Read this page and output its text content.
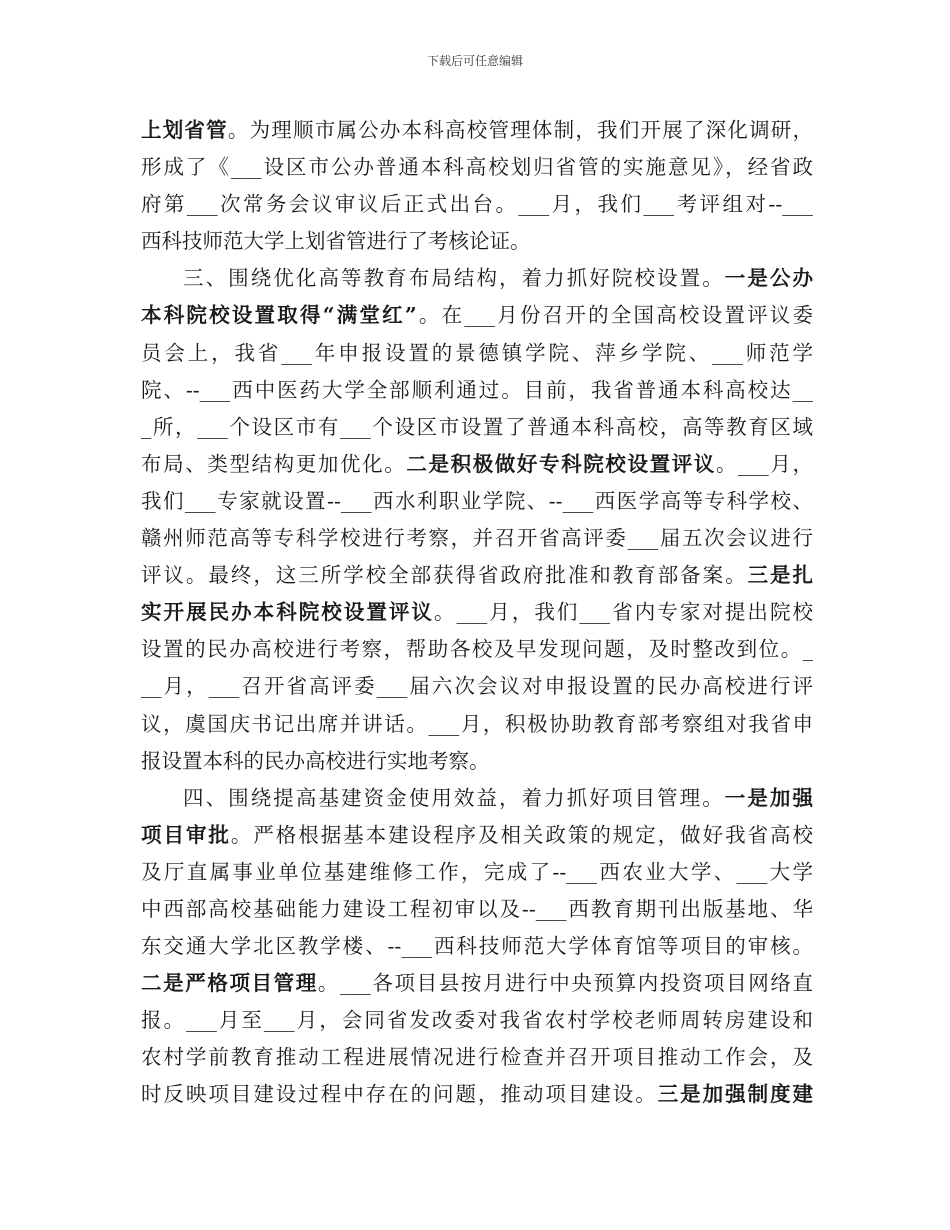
下载后可任意编辑
上划省管。为理顺市属公办本科高校管理体制，我们开展了深化调研，
形成了《___设区市公办普通本科高校划归省管的实施意见》，经省政
府第___次常务会议审议后正式出台。___月，我们___考评组对--___
西科技师范大学上划省管进行了考核论证。
三、围绕优化高等教育布局结构，着力抓好院校设置。一是公办
本科院校设置取得“满堂红”。在___月份召开的全国高校设置评议委
员会上，我省___年申报设置的景德镇学院、萍乡学院、___师范学
院、--___西中医药大学全部顺利通过。目前，我省普通本科高校达__
_所，___个设区市有___个设区市设置了普通本科高校，高等教育区域
布局、类型结构更加优化。二是积极做好专科院校设置评议。___月，
我们___专家就设置--___西水利职业学院、--___西医学高等专科学校、
赣州师范高等专科学校进行考察，并召开省高评委___届五次会议进行
评议。最终，这三所学校全部获得省政府批准和教育部备案。三是扎
实开展民办本科院校设置评议。___月，我们___省内专家对提出院校
设置的民办高校进行考察，帮助各校及早发现问题，及时整改到位。_
__月，___召开省高评委___届六次会议对申报设置的民办高校进行评
议，虞国庆书记出席并讲话。___月，积极协助教育部考察组对我省申
报设置本科的民办高校进行实地考察。
四、围绕提高基建资金使用效益，着力抓好项目管理。一是加强
项目审批。严格根据基本建设程序及相关政策的规定，做好我省高校
及厅直属事业单位基建维修工作，完成了--___西农业大学、___大学
中西部高校基础能力建设工程初审以及--___西教育期刊出版基地、华
东交通大学北区教学楼、--___西科技师范大学体育馆等项目的审核。
二是严格项目管理。___各项目县按月进行中央预算内投资项目网络直
报。___月至___月，会同省发改委对我省农村学校老师周转房建设和
农村学前教育推动工程进展情况进行检查并召开项目推动工作会，及
时反映项目建设过程中存在的问题，推动项目建设。三是加强制度建
